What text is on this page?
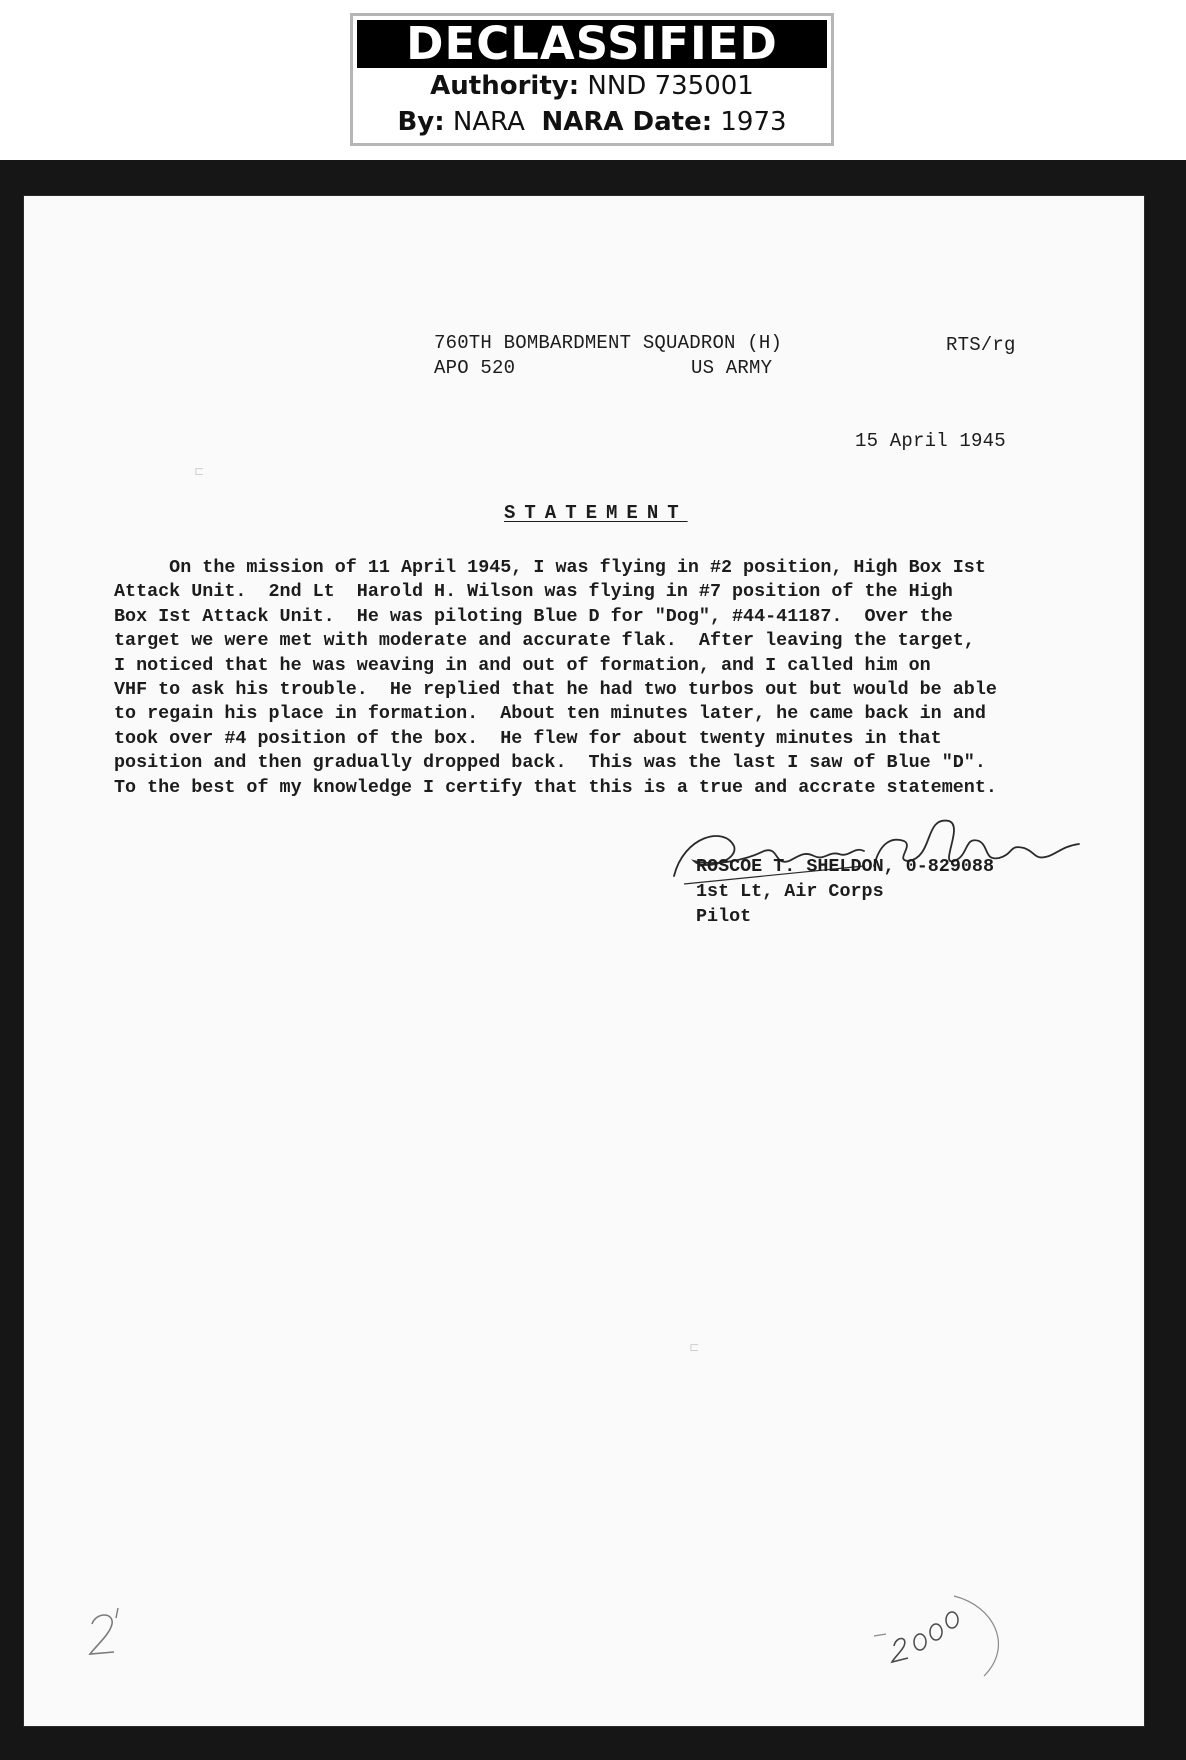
DECLASSIFIED
Authority: NND 735001
By: NARA NARA Date: 1973
760TH BOMBARDMENT SQUADRON (H)
APO 520	US ARMY
RTS/rg
15 April 1945
STATEMENT
On the mission of 11 April 1945, I was flying in #2 position, High Box Ist
Attack Unit.  2nd Lt  Harold H. Wilson was flying in #7 position of the High
Box Ist Attack Unit.  He was piloting Blue D for "Dog", #44-41187.  Over the
target we were met with moderate and accurate flak.  After leaving the target,
I noticed that he was weaving in and out of formation, and I called him on
VHF to ask his trouble.  He replied that he had two turbos out but would be able
to regain his place in formation.  About ten minutes later, he came back in and
took over #4 position of the box.  He flew for about twenty minutes in that
position and then gradually dropped back.  This was the last I saw of Blue "D".
To the best of my knowledge I certify that this is a true and accrate statement.
ROSCOE T. SHELDON, 0-829088
1st Lt, Air Corps
Pilot
⊏
⊏
